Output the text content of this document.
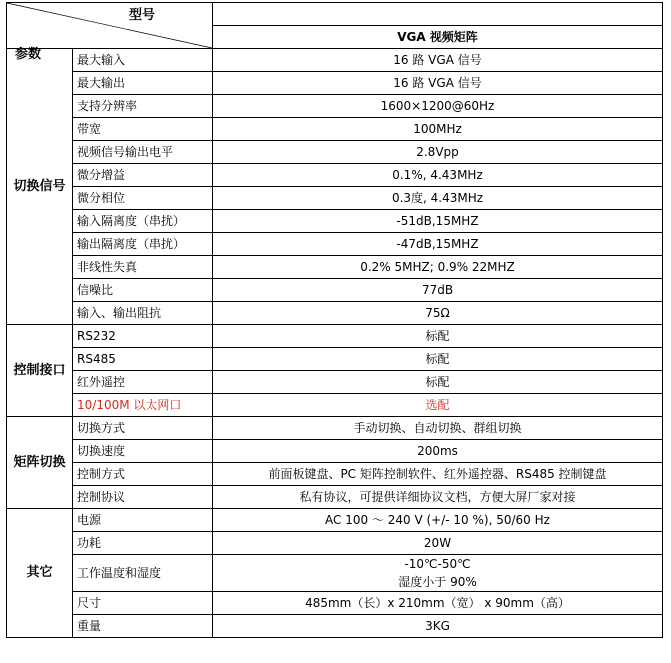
型号
参数		

		VGA 视频矩阵
切换信号	最大输入	16 路 VGA 信号
	最大输出	16 路 VGA 信号
	支持分辨率	1600×1200@60Hz
	带宽	100MHz
	视频信号输出电平	2.8Vpp
	微分增益	0.1%, 4.43MHz
	微分相位	0.3度, 4.43MHz
	输入隔离度（串扰）	-51dB,15MHZ
	输出隔离度（串扰）	-47dB,15MHZ
	非线性失真	0.2% 5MHZ; 0.9% 22MHZ
	信噪比	77dB
	输入、输出阻抗	75Ω
控制接口	RS232	标配
	RS485	标配
	红外遥控	标配
	10/100M 以太网口	选配
矩阵切换	切换方式	手动切换、自动切换、群组切换
	切换速度	200ms
	控制方式	前面板键盘、PC 矩阵控制软件、红外遥控器、RS485 控制键盘
	控制协议	私有协议，可提供详细协议文档，方便大屏厂家对接
其它	电源	AC 100 ～ 240 V (+/- 10 %), 50/60 Hz
	功耗	20W
	工作温度和湿度	-10℃-50℃
湿度小于 90%

	尺寸	485mm（长）x 210mm（宽） x 90mm（高）
	重量	3KG
